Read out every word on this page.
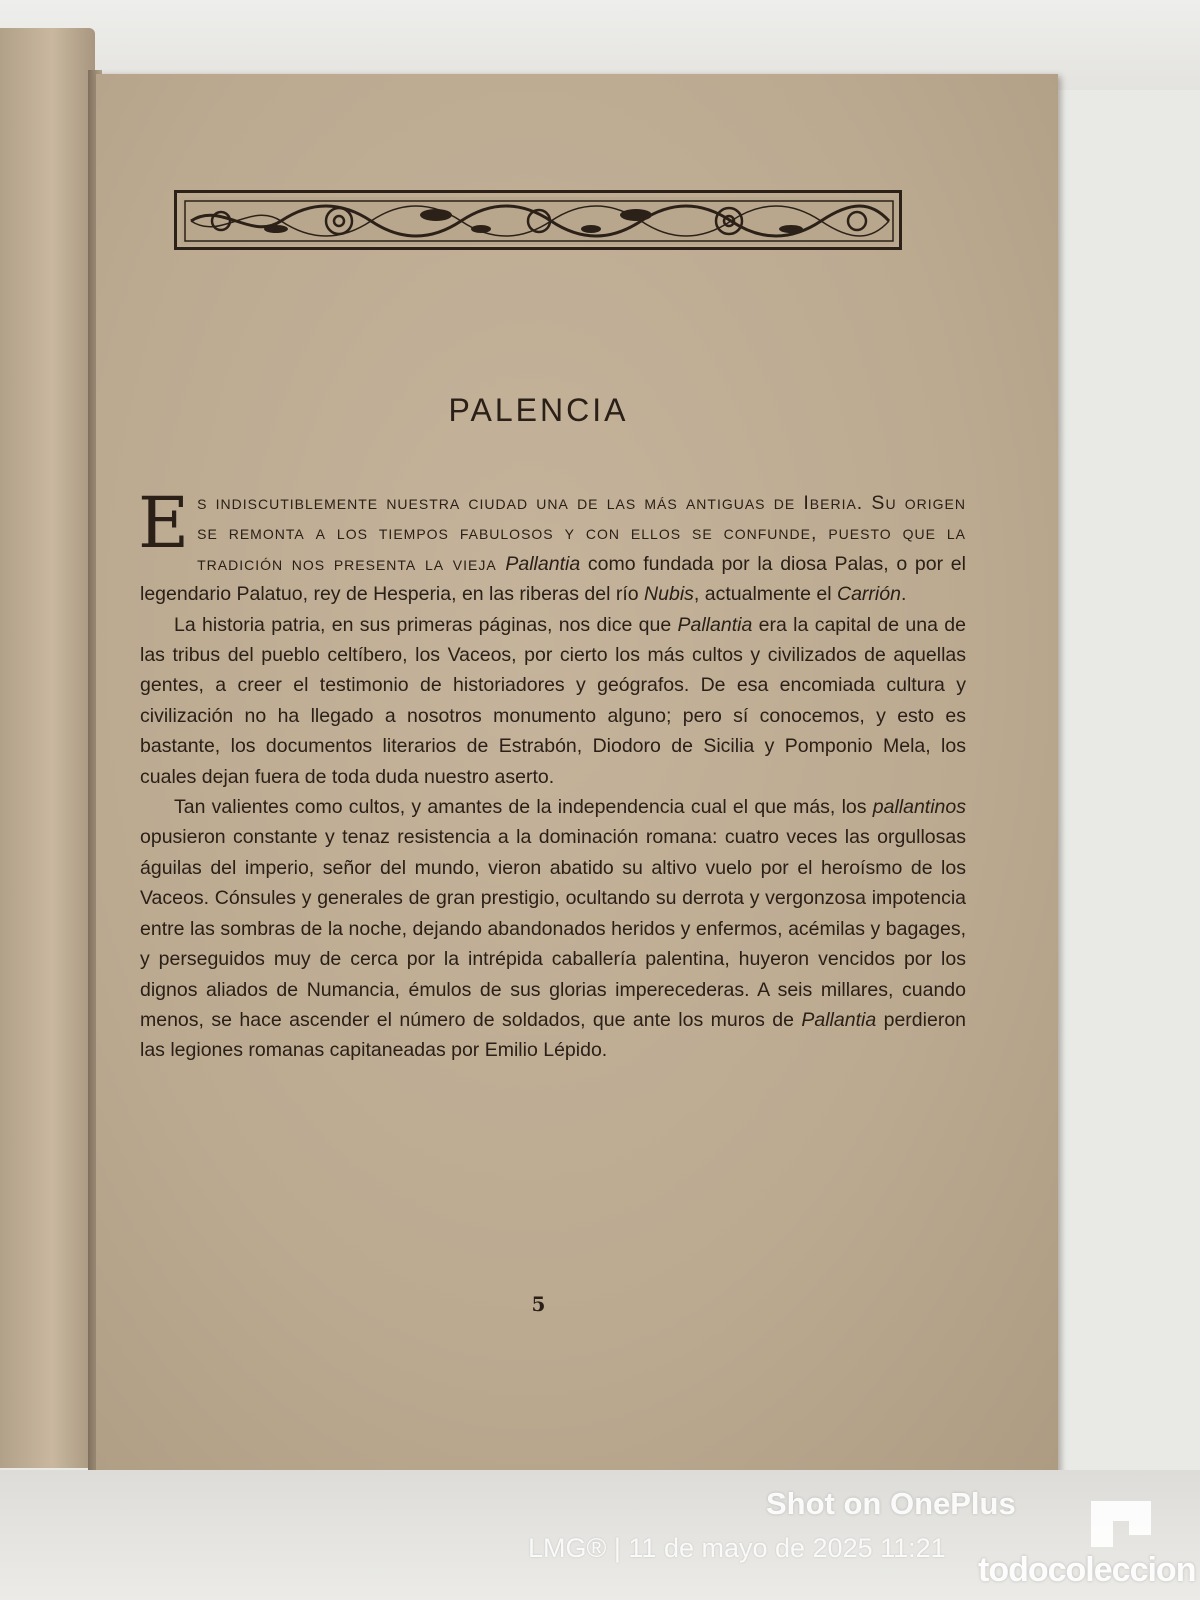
PALENCIA

Es indiscutiblemente nuestra ciudad una de las más antiguas de Iberia. Su origen se remonta a los tiempos fabulosos y con ellos se confunde, puesto que la tradición nos presenta la vieja Pallantia como fundada por la diosa Palas, o por el legendario Palatuo, rey de Hesperia, en las riberas del río Nubis, actualmente el Carrión.

La historia patria, en sus primeras páginas, nos dice que Pallantia era la capital de una de las tribus del pueblo celtíbero, los Vaceos, por cierto los más cultos y civilizados de aquellas gentes, a creer el testimonio de historiadores y geógrafos. De esa encomiada cultura y civilización no ha llegado a nosotros monumento alguno; pero sí conocemos, y esto es bastante, los documentos literarios de Estrabón, Diodoro de Sicilia y Pomponio Mela, los cuales dejan fuera de toda duda nuestro aserto.

Tan valientes como cultos, y amantes de la independencia cual el que más, los pallantinos opusieron constante y tenaz resistencia a la dominación romana: cuatro veces las orgullosas águilas del imperio, señor del mundo, vieron abatido su altivo vuelo por el heroísmo de los Vaceos. Cónsules y generales de gran prestigio, ocultando su derrota y vergonzosa impotencia entre las sombras de la noche, dejando abandonados heridos y enfermos, acémilas y bagages, y perseguidos muy de cerca por la intrépida caballería palentina, huyeron vencidos por los dignos aliados de Numancia, émulos de sus glorias imperecederas. A seis millares, cuando menos, se hace ascender el número de soldados, que ante los muros de Pallantia perdieron las legiones romanas capitaneadas por Emilio Lépido.

5
Shot on OnePlus
LMG® | 11 de mayo de 2025 11:21
todocoleccion
